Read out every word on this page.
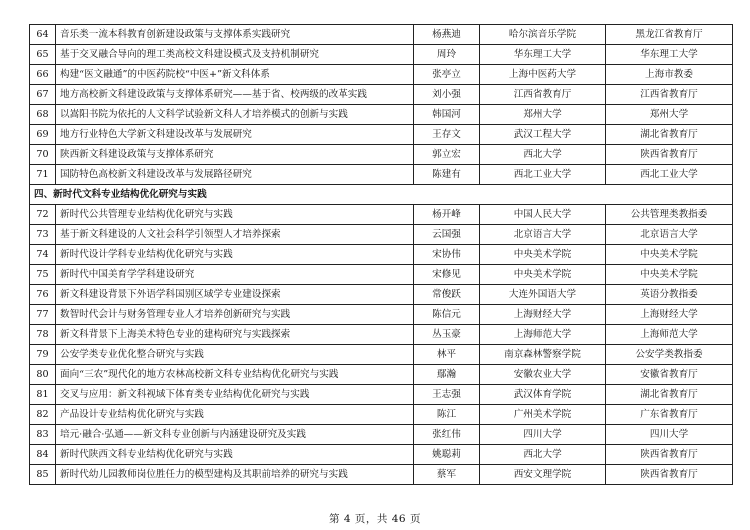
64	音乐类一流本科教育创新建设政策与支撑体系实践研究	杨燕迪	哈尔滨音乐学院	黑龙江省教育厅
65	基于交叉融合导向的理工类高校文科建设模式及支持机制研究	周玲	华东理工大学	华东理工大学
66	构建“医文融通”的中医药院校“中医+”新文科体系	张亭立	上海中医药大学	上海市教委
67	地方高校新文科建设政策与支撑体系研究——基于省、校两级的改革实践	刘小强	江西省教育厅	江西省教育厅
68	以嵩阳书院为依托的人文科学试验新文科人才培养模式的创新与实践	韩国河	郑州大学	郑州大学
69	地方行业特色大学新文科建设改革与发展研究	王存文	武汉工程大学	湖北省教育厅
70	陕西新文科建设政策与支撑体系研究	郭立宏	西北大学	陕西省教育厅
71	国防特色高校新文科建设改革与发展路径研究	陈建有	西北工业大学	西北工业大学
四、新时代文科专业结构优化研究与实践				
72	新时代公共管理专业结构优化研究与实践	杨开峰	中国人民大学	公共管理类教指委
73	基于新文科建设的人文社会科学引领型人才培养探索	云国强	北京语言大学	北京语言大学
74	新时代设计学科专业结构优化研究与实践	宋协伟	中央美术学院	中央美术学院
75	新时代中国美育学学科建设研究	宋修见	中央美术学院	中央美术学院
76	新文科建设背景下外语学科国别区域学专业建设探索	常俊跃	大连外国语大学	英语分教指委
77	数智时代会计与财务管理专业人才培养创新研究与实践	陈信元	上海财经大学	上海财经大学
78	新文科背景下上海美术特色专业的建构研究与实践探索	丛玉豪	上海师范大学	上海师范大学
79	公安学类专业优化整合研究与实践	林平	南京森林警察学院	公安学类教指委
80	面向“三农”现代化的地方农林高校新文科专业结构优化研究与实践	鄢瀚	安徽农业大学	安徽省教育厅
81	交叉与应用：新文科视域下体育类专业结构优化研究与实践	王志强	武汉体育学院	湖北省教育厅
82	产品设计专业结构优化研究与实践	陈江	广州美术学院	广东省教育厅
83	培元·融合·弘通——新文科专业创新与内涵建设研究及实践	张红伟	四川大学	四川大学
84	新时代陕西文科专业结构优化研究与实践	姚聪莉	西北大学	陕西省教育厅
85	新时代幼儿园教师岗位胜任力的模型建构及其职前培养的研究与实践	蔡军	西安文理学院	陕西省教育厅
第 4 页，共 46 页
